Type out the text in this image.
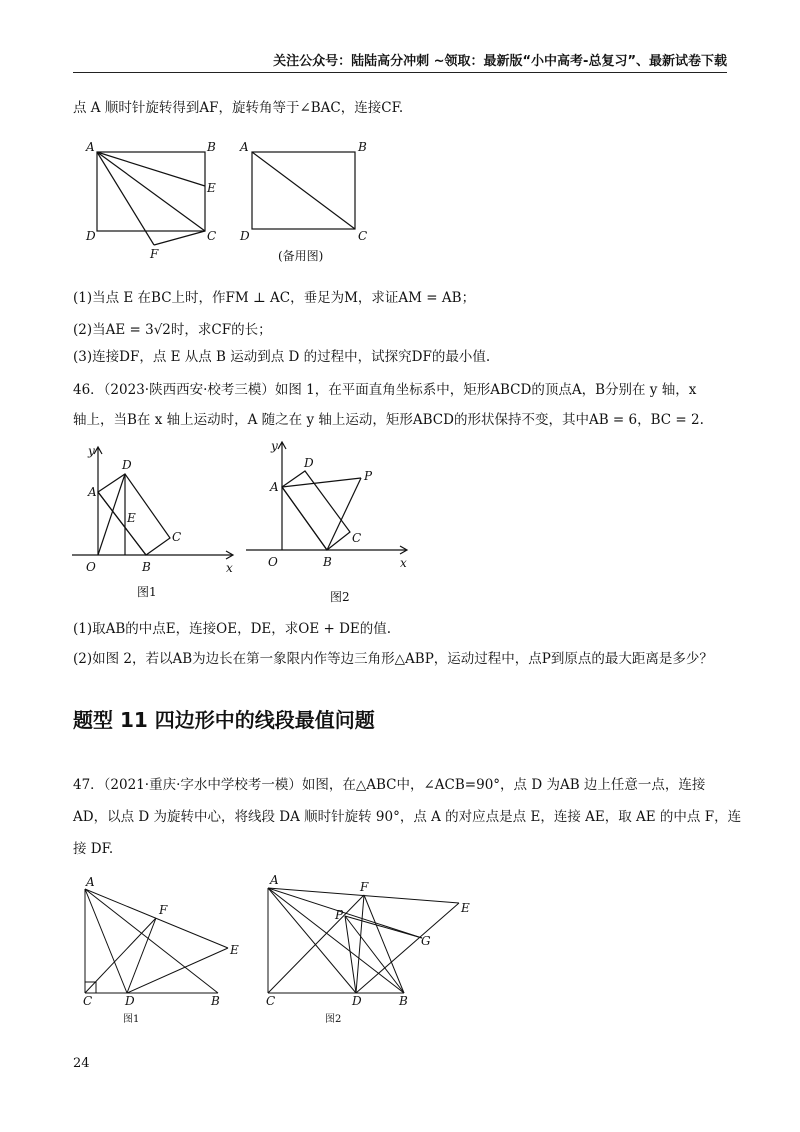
关注公众号：陆陆高分冲刺 ~领取：最新版“小中高考-总复习”、最新试卷下载
点 A 顺时针旋转得到AF，旋转角等于∠BAC，连接CF.
A	B
C
D
E
F
A	B
C
D
(备用图)
y
x
O
A
D
E
C
B
图1
y
x
O
A
D
P
C
B
图2
A
F
E
C	D	B
图1
A	F
E
P
G
C	D	B
图2
(1)当点 E 在BC上时，作FM ⊥ AC，垂足为M，求证AM = AB；
(2)当AE = 3√2时，求CF的长；
(3)连接DF，点 E 从点 B 运动到点 D 的过程中，试探究DF的最小值.
46．（2023·陕西西安·校考三模）如图 1，在平面直角坐标系中，矩形ABCD的顶点A，B分别在 y 轴，x
轴上，当B在 x 轴上运动时，A 随之在 y 轴上运动，矩形ABCD的形状保持不变，其中AB = 6，BC = 2.
(1)取AB的中点E，连接OE，DE，求OE + DE的值.
(2)如图 2，若以AB为边长在第一象限内作等边三角形△ABP，运动过程中，点P到原点的最大距离是多少？
题型 11 四边形中的线段最值问题
47．（2021·重庆·字水中学校考一模）如图，在△ABC中，∠ACB=90°，点 D 为AB 边上任意一点，连接
AD，以点 D 为旋转中心，将线段 DA 顺时针旋转 90°，点 A 的对应点是点 E，连接 AE，取 AE 的中点 F，连
接 DF.
24
